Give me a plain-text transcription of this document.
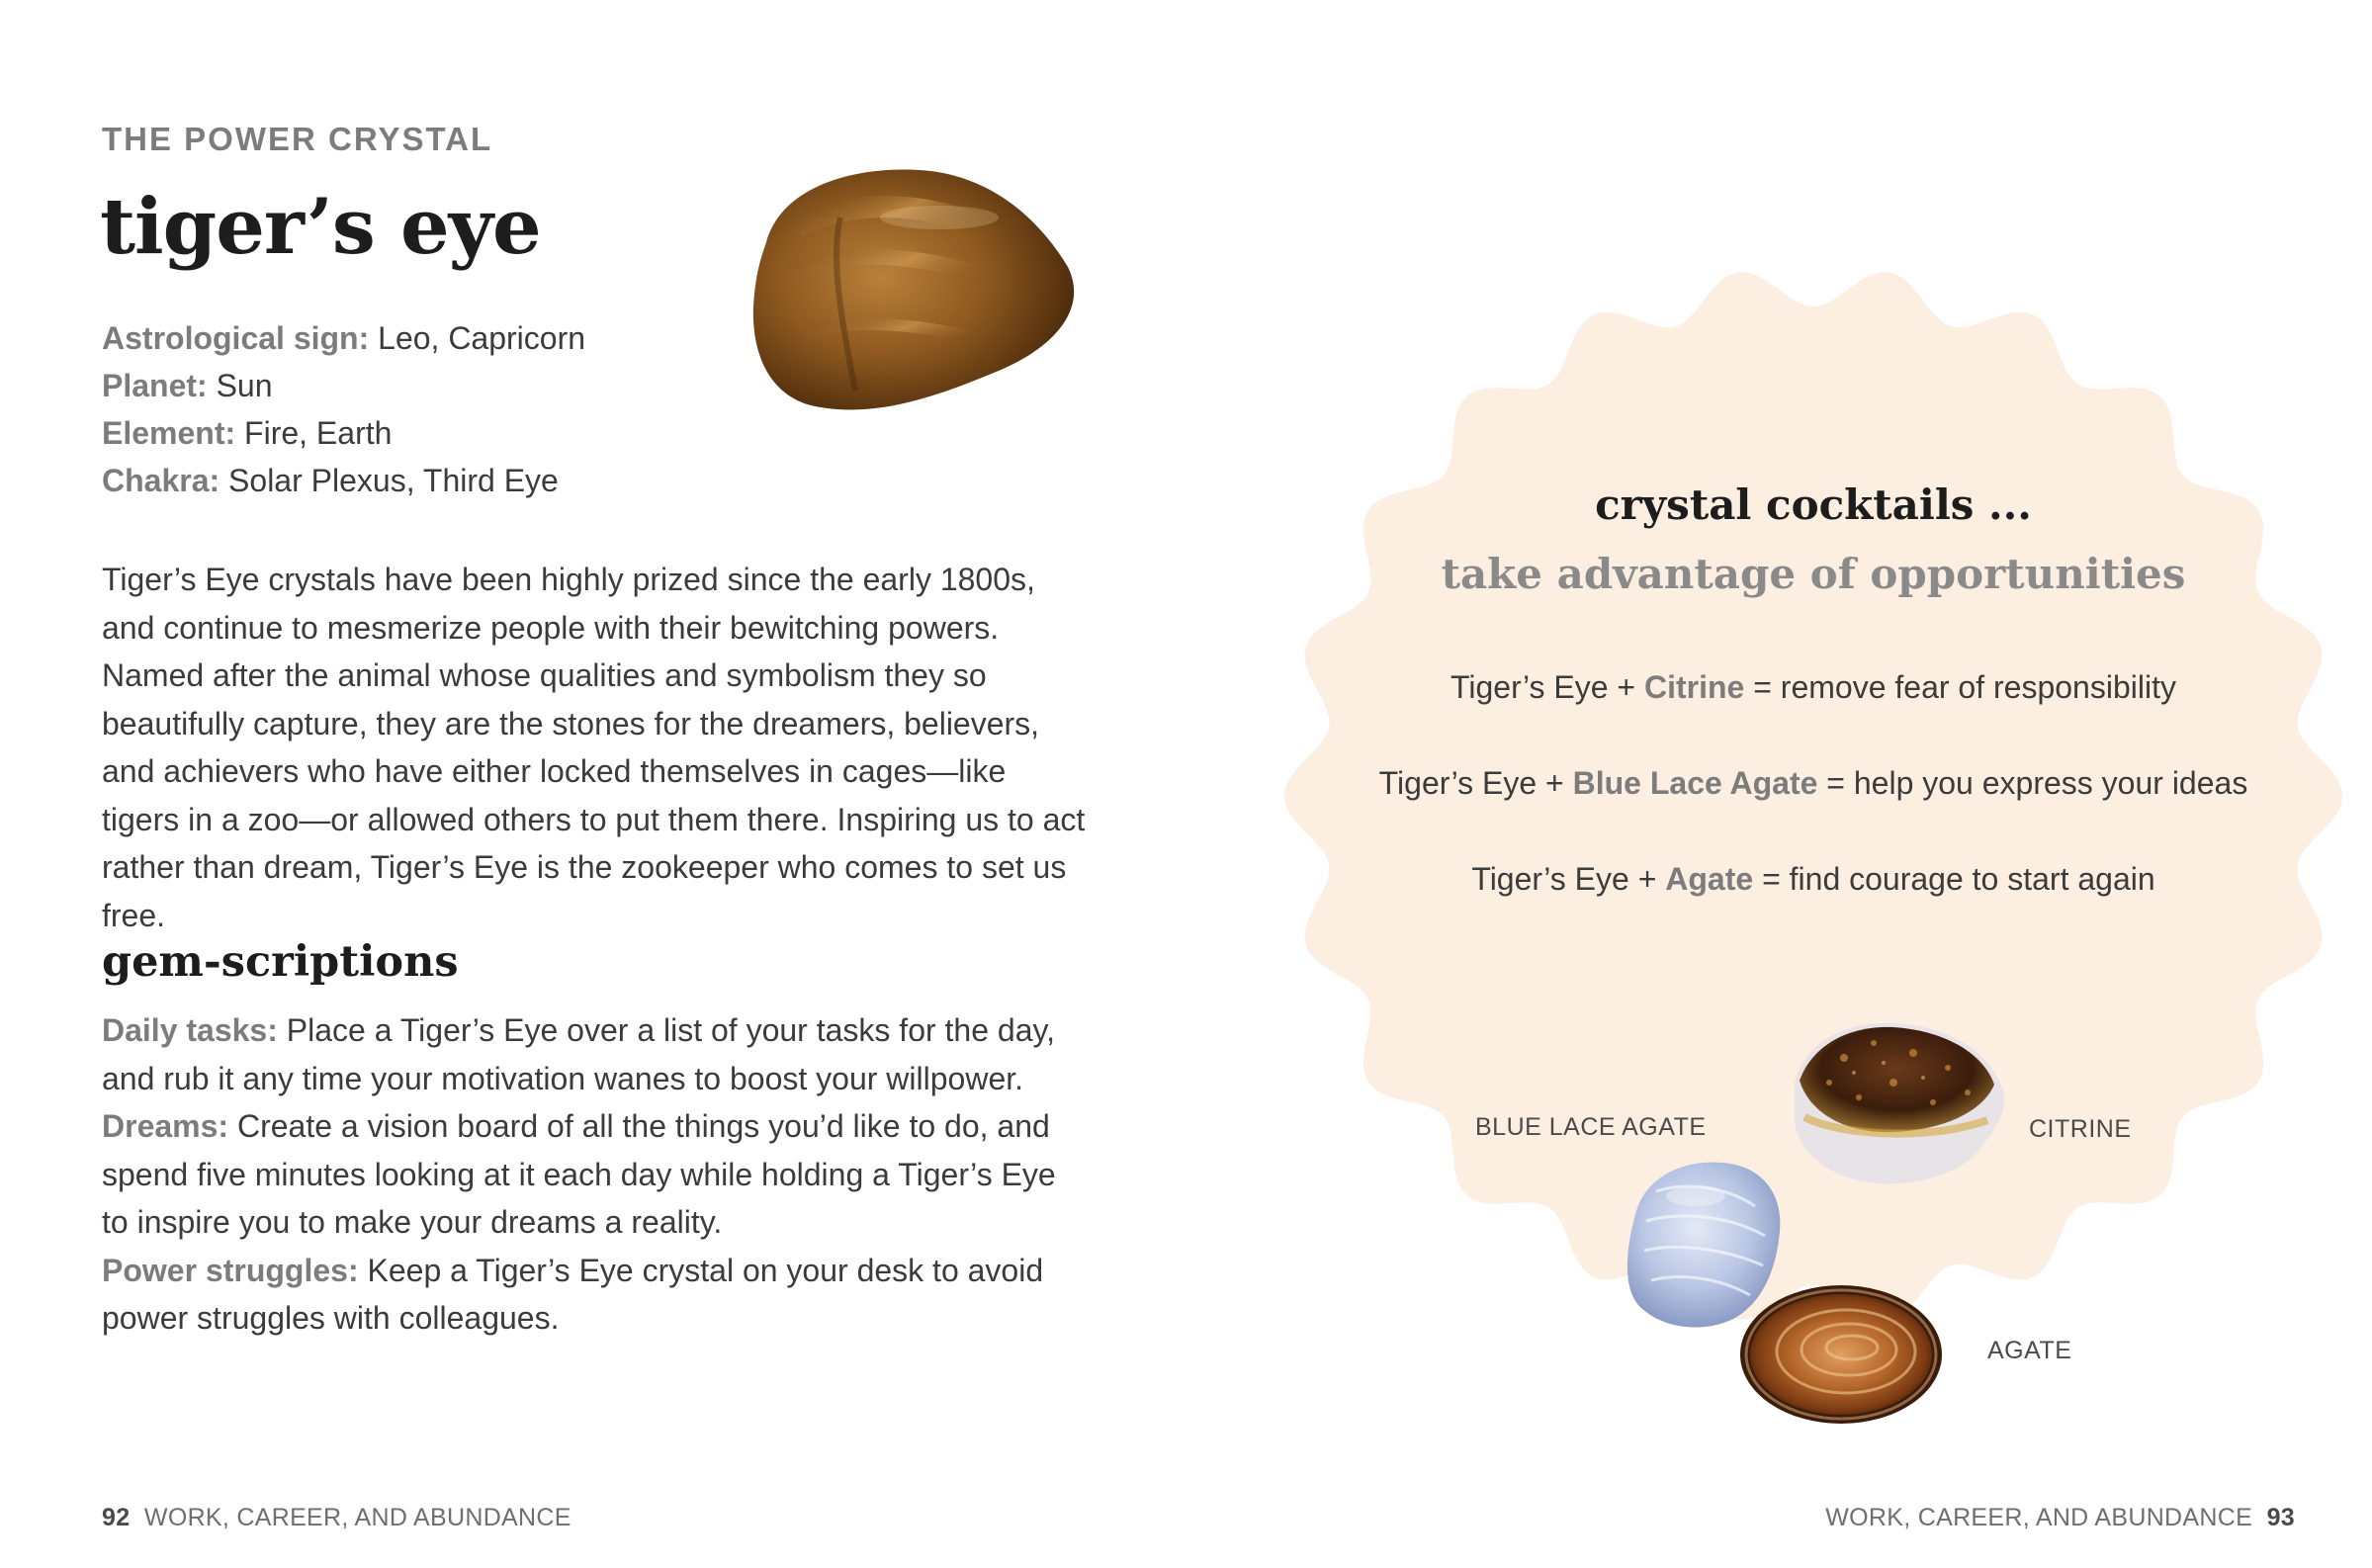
THE POWER CRYSTAL
tiger’s eye
Astrological sign: Leo, Capricorn
Planet: Sun
Element: Fire, Earth
Chakra: Solar Plexus, Third Eye

Tiger’s Eye crystals have been highly prized since the early 1800s, and continue to mesmerize people with their bewitching powers. Named after the animal whose qualities and symbolism they so beautifully capture, they are the stones for the dreamers, believers, and achievers who have either locked themselves in cages—like tigers in a zoo—or allowed others to put them there. Inspiring us to act rather than dream, Tiger’s Eye is the zookeeper who comes to set us free.

gem-scriptions

Daily tasks: Place a Tiger’s Eye over a list of your tasks for the day, and rub it any time your motivation wanes to boost your willpower.

Dreams: Create a vision board of all the things you’d like to do, and spend five minutes looking at it each day while holding a Tiger’s Eye to inspire you to make your dreams a reality.

Power struggles: Keep a Tiger’s Eye crystal on your desk to avoid power struggles with colleagues.

92 WORK, CAREER, AND ABUNDANCE
crystal cocktails ...
take advantage of opportunities
Tiger’s Eye + Citrine = remove fear of responsibility
Tiger’s Eye + Blue Lace Agate = help you express your ideas
Tiger’s Eye + Agate = find courage to start again
BLUE LACE AGATE	CITRINE
AGATE
WORK, CAREER, AND ABUNDANCE 93
